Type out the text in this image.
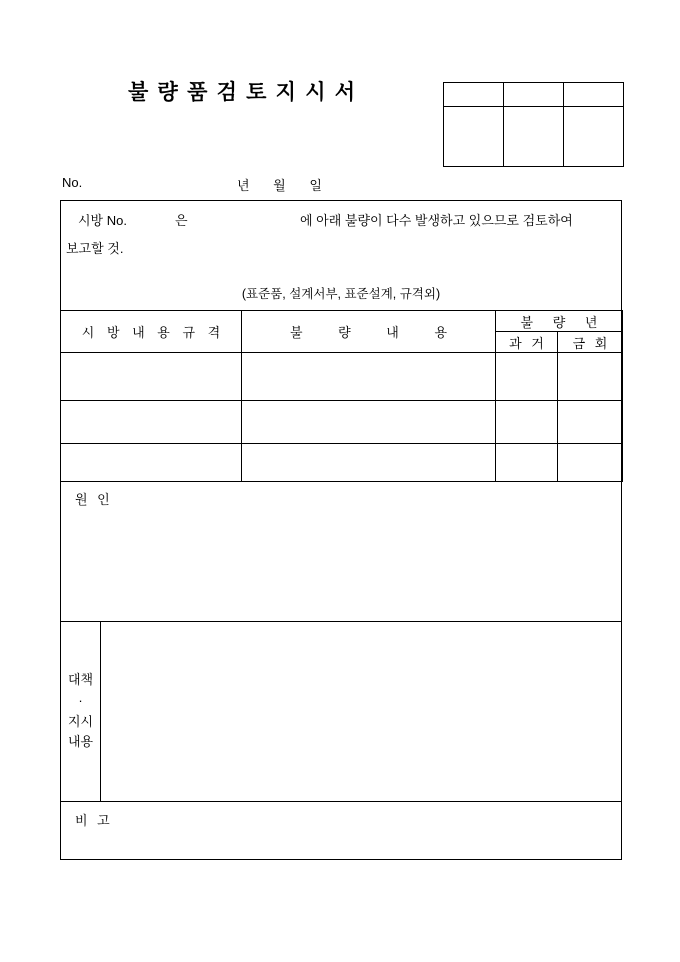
불 량 품 검 토 지 시 서

No.	년 월 일
시방 No.	은	에 아래 불량이 다수 발생하고 있으므로 검토하여
보고할 것.
(표준품, 설계서부, 표준설계, 규격외)
시 방 내 용 규 격	불 량 내 용	불 량 년	
		과 거	금 회

원 인
대책
·
지시
내용
비 고
